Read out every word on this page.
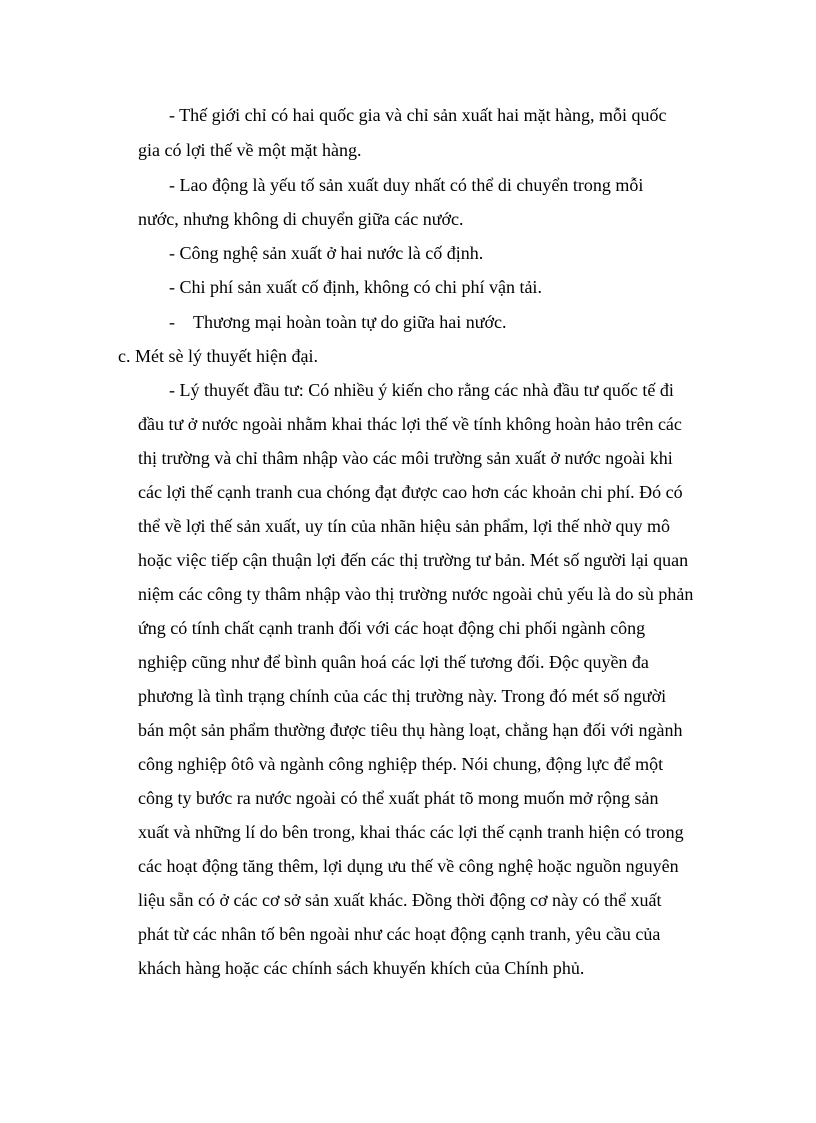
- Thế giới chỉ có hai quốc gia và chỉ sản xuất hai mặt hàng, mỗi quốc

gia có lợi thế về một mặt hàng.

- Lao động là yếu tố sản xuất duy nhất có thể di chuyển trong mỗi

nước, nhưng không di chuyển giữa các nước.

- Công nghệ sản xuất ở hai nước là cố định.

- Chi phí sản xuất cố định, không có chi phí vận tải.

- Thương mại hoàn toàn tự do giữa hai nước.

c. Mét sè lý thuyết hiện đại.

- Lý thuyết đầu tư: Có nhiều ý kiến cho rằng các nhà đầu tư quốc tế đi

đầu tư ở nước ngoài nhằm khai thác lợi thế về tính không hoàn hảo trên các

thị trường và chỉ thâm nhập vào các môi trường sản xuất ở nước ngoài khi

các lợi thế cạnh tranh cua chóng đạt được cao hơn các khoản chi phí. Đó có

thể về lợi thế sản xuất, uy tín của nhãn hiệu sản phẩm, lợi thế nhờ quy mô

hoặc việc tiếp cận thuận lợi đến các thị trường tư bản. Mét số người lại quan

niệm các công ty thâm nhập vào thị trường nước ngoài chủ yếu là do sù phản

ứng có tính chất cạnh tranh đối với các hoạt động chi phối ngành công

nghiệp cũng như để bình quân hoá các lợi thế tương đối. Độc quyền đa

phương là tình trạng chính của các thị trường này. Trong đó mét số người

bán một sản phẩm thường được tiêu thụ hàng loạt, chẳng hạn đối với ngành

công nghiệp ôtô và ngành công nghiệp thép. Nói chung, động lực để một

công ty bước ra nước ngoài có thể xuất phát tõ mong muốn mở rộng sản

xuất và những lí do bên trong, khai thác các lợi thế cạnh tranh hiện có trong

các hoạt động tăng thêm, lợi dụng ưu thế về công nghệ hoặc nguồn nguyên

liệu sẵn có ở các cơ sở sản xuất khác. Đồng thời động cơ này có thể xuất

phát từ các nhân tố bên ngoài như các hoạt động cạnh tranh, yêu cầu của

khách hàng hoặc các chính sách khuyến khích của Chính phủ.
